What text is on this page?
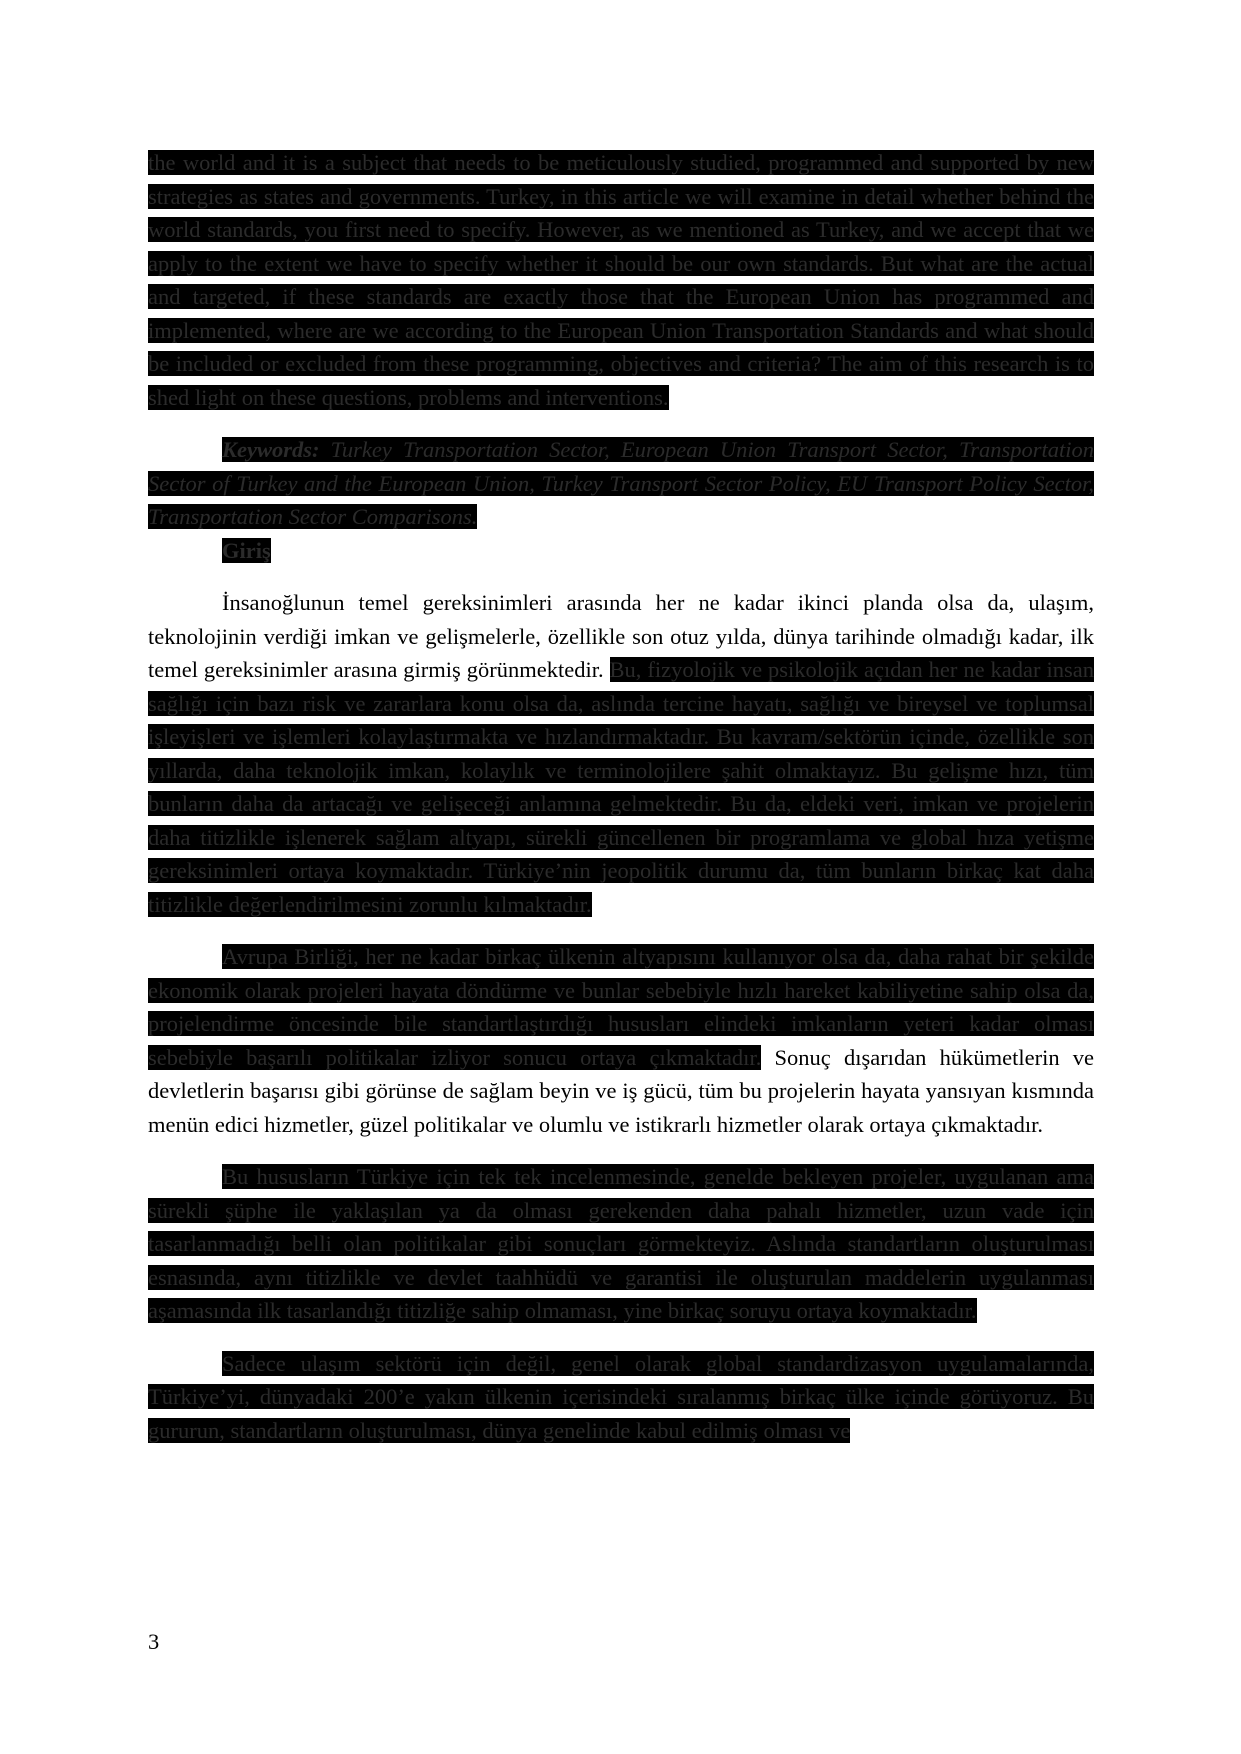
the world and it is a subject that needs to be meticulously studied, programmed and supported by new strategies as states and governments. Turkey, in this article we will examine in detail whether behind the world standards, you first need to specify. However, as we mentioned as Turkey, and we accept that we apply to the extent we have to specify whether it should be our own standards. But what are the actual and targeted, if these standards are exactly those that the European Union has programmed and implemented, where are we according to the European Union Transportation Standards and what should be included or excluded from these programming, objectives and criteria? The aim of this research is to shed light on these questions, problems and interventions.

Keywords: Turkey Transportation Sector, European Union Transport Sector, Transportation Sector of Turkey and the European Union, Turkey Transport Sector Policy, EU Transport Policy Sector, Transportation Sector Comparisons.

Giriş

İnsanoğlunun temel gereksinimleri arasında her ne kadar ikinci planda olsa da, ulaşım, teknolojinin verdiği imkan ve gelişmelerle, özellikle son otuz yılda, dünya tarihinde olmadığı kadar, ilk temel gereksinimler arasına girmiş görünmektedir. Bu, fizyolojik ve psikolojik açıdan her ne kadar insan sağlığı için bazı risk ve zararlara konu olsa da, aslında tercine hayatı, sağlığı ve bireysel ve toplumsal işleyişleri ve işlemleri kolaylaştırmakta ve hızlandırmaktadır. Bu kavram/sektörün içinde, özellikle son yıllarda, daha teknolojik imkan, kolaylık ve terminolojilere şahit olmaktayız. Bu gelişme hızı, tüm bunların daha da artacağı ve gelişeceği anlamına gelmektedir. Bu da, eldeki veri, imkan ve projelerin daha titizlikle işlenerek sağlam altyapı, sürekli güncellenen bir programlama ve global hıza yetişme gereksinimleri ortaya koymaktadır. Türkiye’nin jeopolitik durumu da, tüm bunların birkaç kat daha titizlikle değerlendirilmesini zorunlu kılmaktadır.

Avrupa Birliği, her ne kadar birkaç ülkenin altyapısını kullanıyor olsa da, daha rahat bir şekilde ekonomik olarak projeleri hayata döndürme ve bunlar sebebiyle hızlı hareket kabiliyetine sahip olsa da, projelendirme öncesinde bile standartlaştırdığı hususları elindeki imkanların yeteri kadar olması sebebiyle başarılı politikalar izliyor sonucu ortaya çıkmaktadır. Sonuç dışarıdan hükümetlerin ve devletlerin başarısı gibi görünse de sağlam beyin ve iş gücü, tüm bu projelerin hayata yansıyan kısmında menün edici hizmetler, güzel politikalar ve olumlu ve istikrarlı hizmetler olarak ortaya çıkmaktadır.

Bu hususların Türkiye için tek tek incelenmesinde, genelde bekleyen projeler, uygulanan ama sürekli şüphe ile yaklaşılan ya da olması gerekenden daha pahalı hizmetler, uzun vade için tasarlanmadığı belli olan politikalar gibi sonuçları görmekteyiz. Aslında standartların oluşturulması esnasında, aynı titizlikle ve devlet taahhüdü ve garantisi ile oluşturulan maddelerin uygulanması aşamasında ilk tasarlandığı titizliğe sahip olmaması, yine birkaç soruyu ortaya koymaktadır.

Sadece ulaşım sektörü için değil, genel olarak global standardizasyon uygulamalarında, Türkiye’yi, dünyadaki 200’e yakın ülkenin içerisindeki sıralanmış birkaç ülke içinde görüyoruz. Bu gururun, standartların oluşturulması, dünya genelinde kabul edilmiş olması ve

3
